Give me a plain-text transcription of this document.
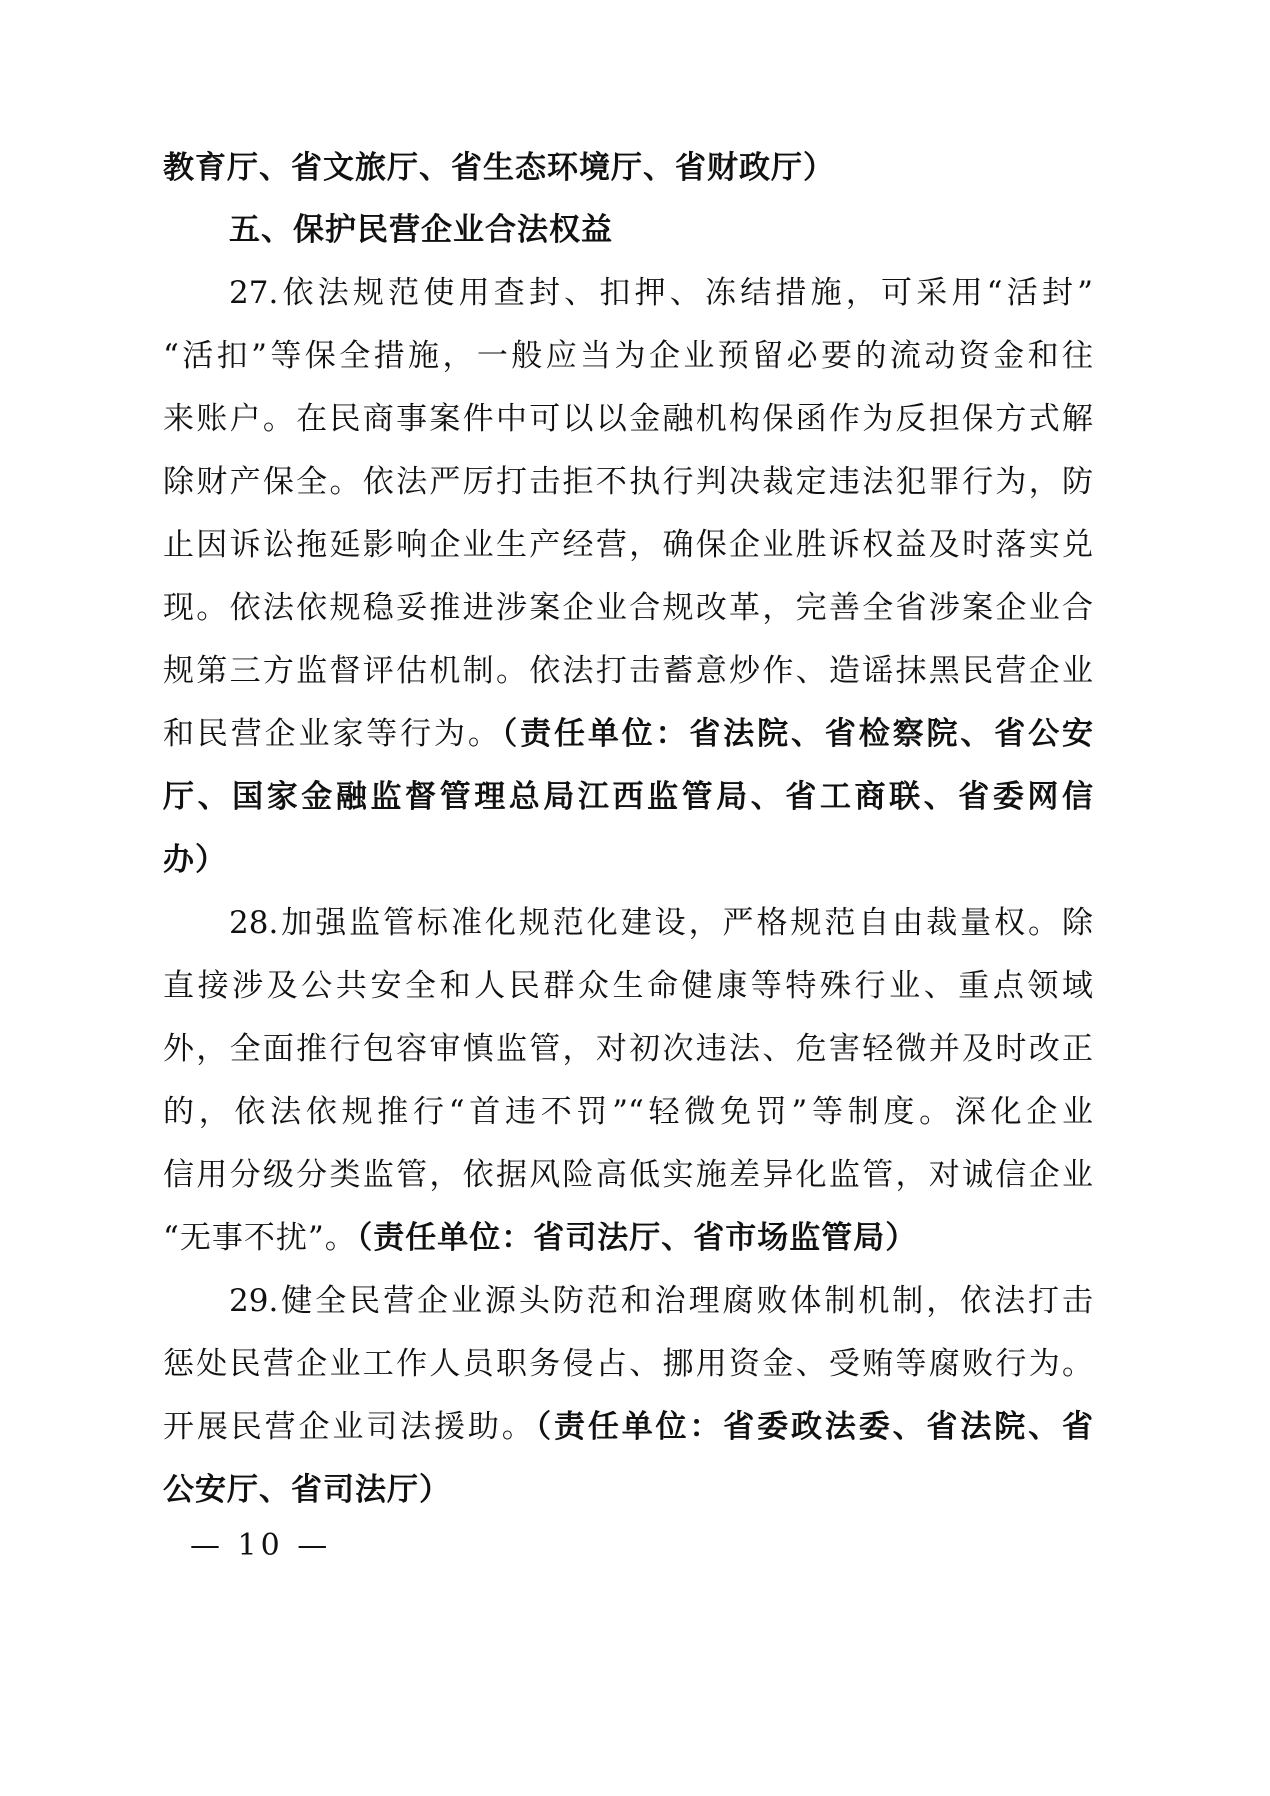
教育厅、省文旅厅、省生态环境厅、省财政厅）
五、保护民营企业合法权益
27.依法规范使用查封、扣押、冻结措施，可采用“活封”
“活扣”等保全措施，一般应当为企业预留必要的流动资金和往
来账户。在民商事案件中可以以金融机构保函作为反担保方式解
除财产保全。依法严厉打击拒不执行判决裁定违法犯罪行为，防
止因诉讼拖延影响企业生产经营，确保企业胜诉权益及时落实兑
现。依法依规稳妥推进涉案企业合规改革，完善全省涉案企业合
规第三方监督评估机制。依法打击蓄意炒作、造谣抹黑民营企业
和民营企业家等行为。（责任单位：省法院、省检察院、省公安
厅、国家金融监督管理总局江西监管局、省工商联、省委网信
办）
28.加强监管标准化规范化建设，严格规范自由裁量权。除
直接涉及公共安全和人民群众生命健康等特殊行业、重点领域
外，全面推行包容审慎监管，对初次违法、危害轻微并及时改正
的，依法依规推行“首违不罚”“轻微免罚”等制度。深化企业
信用分级分类监管，依据风险高低实施差异化监管，对诚信企业
“无事不扰”。（责任单位：省司法厅、省市场监管局）
29.健全民营企业源头防范和治理腐败体制机制，依法打击
惩处民营企业工作人员职务侵占、挪用资金、受贿等腐败行为。
开展民营企业司法援助。（责任单位：省委政法委、省法院、省
公安厅、省司法厅）
— 10 —
